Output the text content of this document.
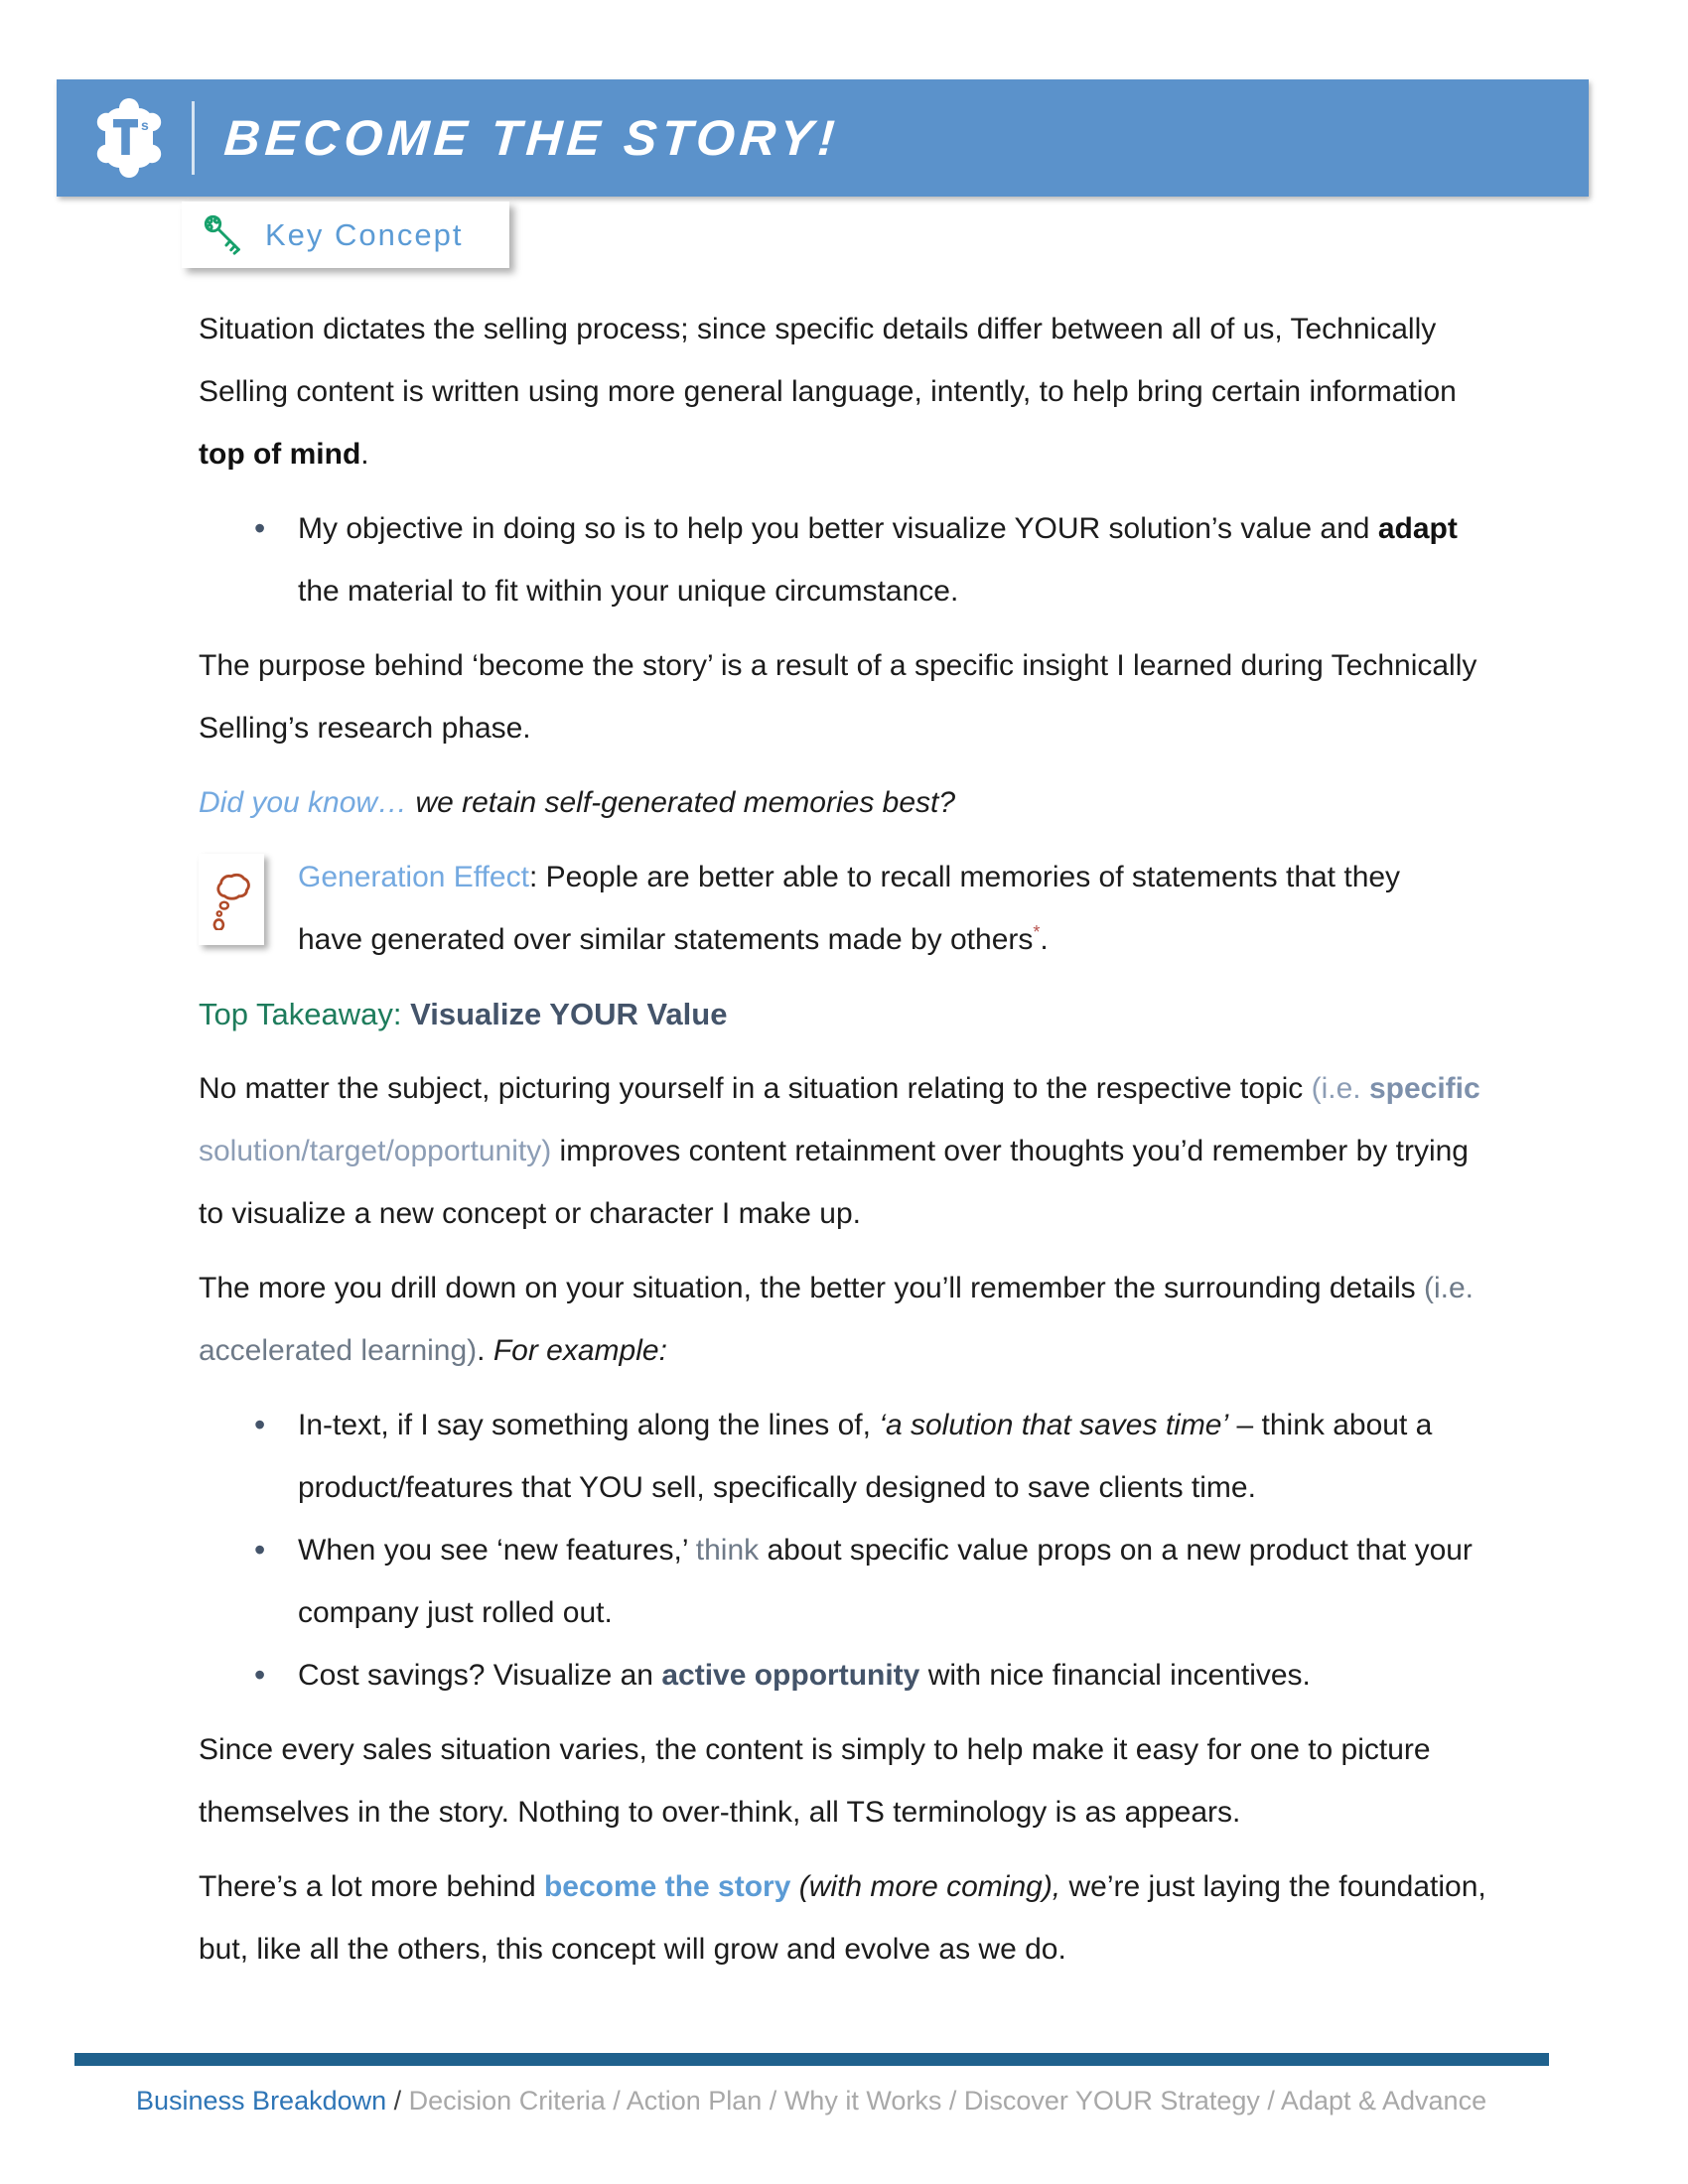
s BECOME THE STORY!
Key Concept

Situation dictates the selling process; since specific details differ between all of us, Technically Selling content is written using more general language, intently, to help bring certain information top of mind.

• My objective in doing so is to help you better visualize YOUR solution’s value and adapt the material to fit within your unique circumstance.

The purpose behind ‘become the story’ is a result of a specific insight I learned during Technically Selling’s research phase.

Did you know… we retain self-generated memories best?

Generation Effect: People are better able to recall memories of statements that they have generated over similar statements made by others*.

Top Takeaway: Visualize YOUR Value

No matter the subject, picturing yourself in a situation relating to the respective topic (i.e. specific solution/target/opportunity) improves content retainment over thoughts you’d remember by trying to visualize a new concept or character I make up.

The more you drill down on your situation, the better you’ll remember the surrounding details (i.e. accelerated learning). For example:

• In-text, if I say something along the lines of, ‘a solution that saves time’ – think about a product/features that YOU sell, specifically designed to save clients time.
• When you see ‘new features,’ think about specific value props on a new product that your company just rolled out.
• Cost savings? Visualize an active opportunity with nice financial incentives.

Since every sales situation varies, the content is simply to help make it easy for one to picture themselves in the story. Nothing to over-think, all TS terminology is as appears.

There’s a lot more behind become the story (with more coming), we’re just laying the foundation, but, like all the others, this concept will grow and evolve as we do.

Business Breakdown / Decision Criteria / Action Plan / Why it Works / Discover YOUR Strategy / Adapt & Advance
